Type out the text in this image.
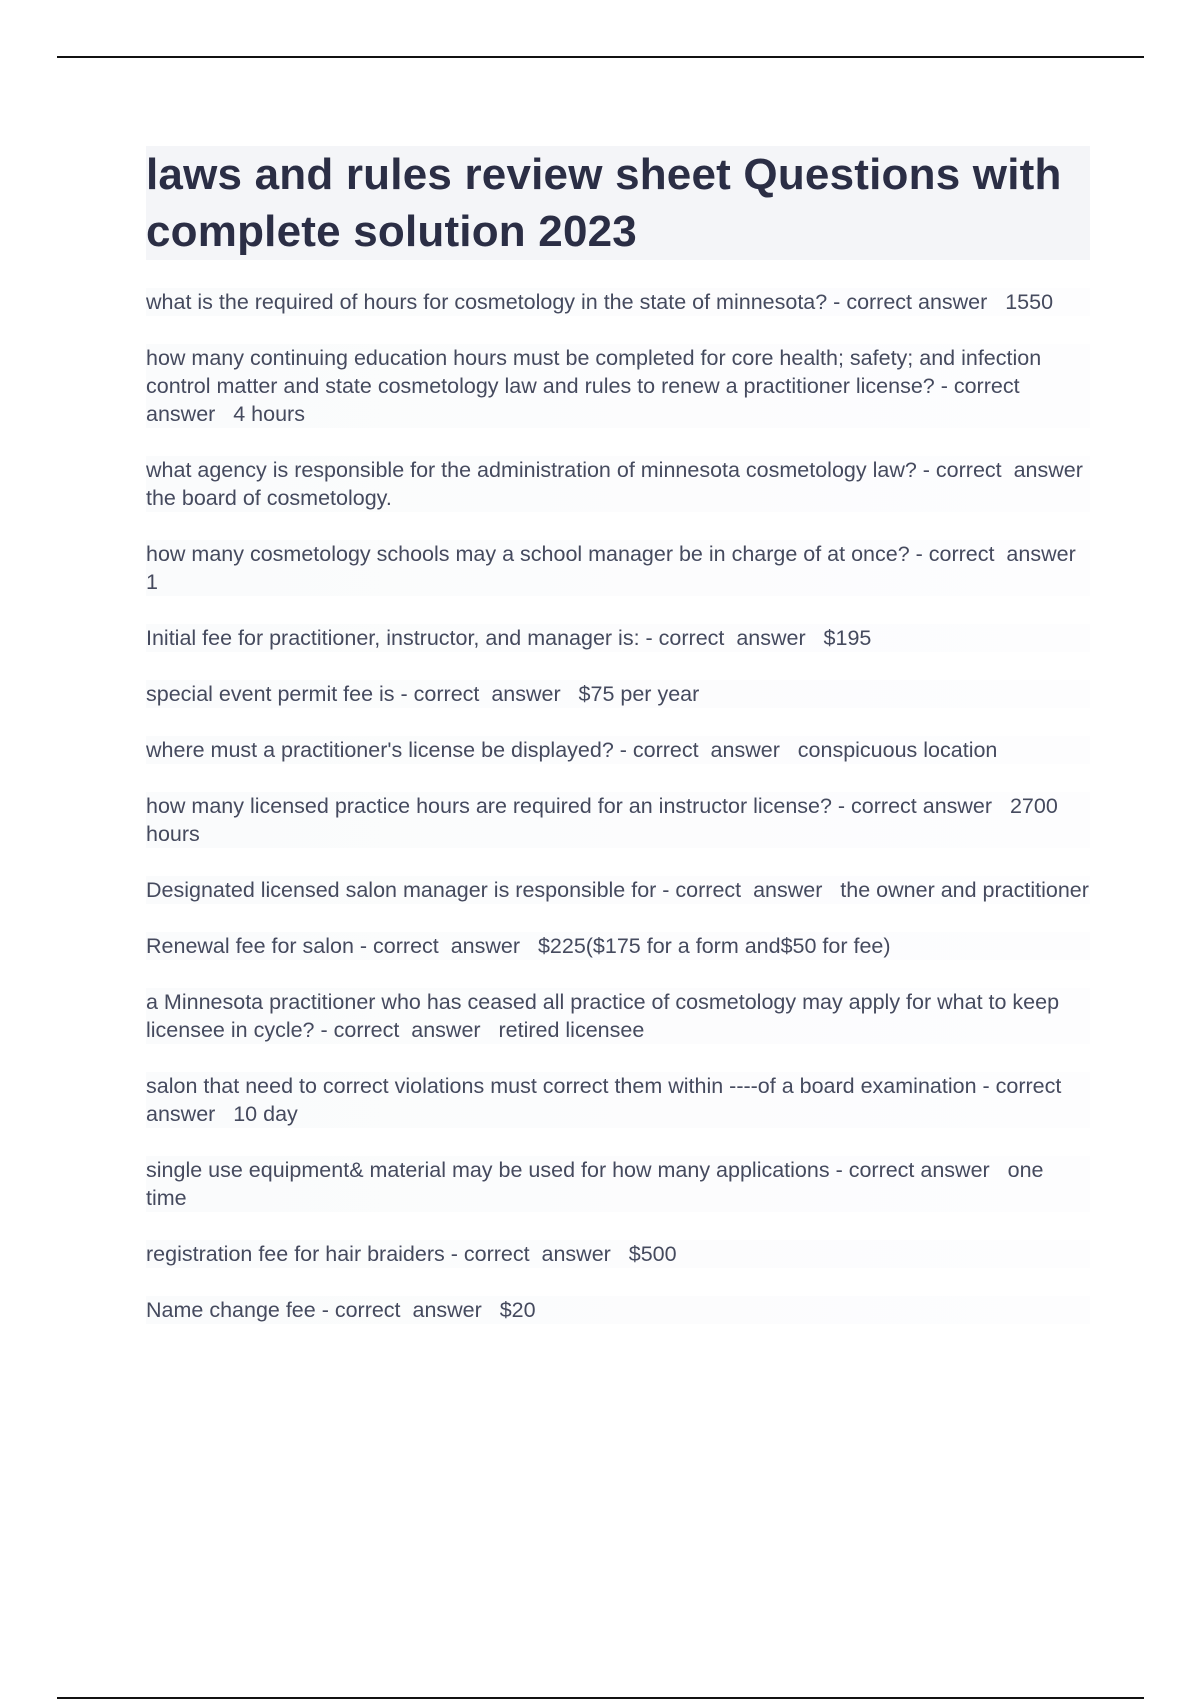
laws and rules review sheet Questions with complete solution 2023

what is the required of hours for cosmetology in the state of minnesota? - correct answer   1550

how many continuing education hours must be completed for core health; safety; and infection control matter and state cosmetology law and rules to renew a practitioner license? - correct  answer   4 hours

what agency is responsible for the administration of minnesota cosmetology law? - correct  answer   the board of cosmetology.

how many cosmetology schools may a school manager be in charge of at once? - correct  answer   1

Initial fee for practitioner, instructor, and manager is: - correct  answer   $195

special event permit fee is - correct  answer   $75 per year

where must a practitioner's license be displayed? - correct  answer   conspicuous location

how many licensed practice hours are required for an instructor license? - correct answer   2700 hours

Designated licensed salon manager is responsible for - correct  answer   the owner and practitioner

Renewal fee for salon - correct  answer   $225($175 for a form and$50 for fee)

a Minnesota practitioner who has ceased all practice of cosmetology may apply for what to keep licensee in cycle? - correct  answer   retired licensee

salon that need to correct violations must correct them within ----of a board examination - correct  answer   10 day

single use equipment& material may be used for how many applications - correct answer   one time

registration fee for hair braiders - correct  answer   $500

Name change fee - correct  answer   $20
